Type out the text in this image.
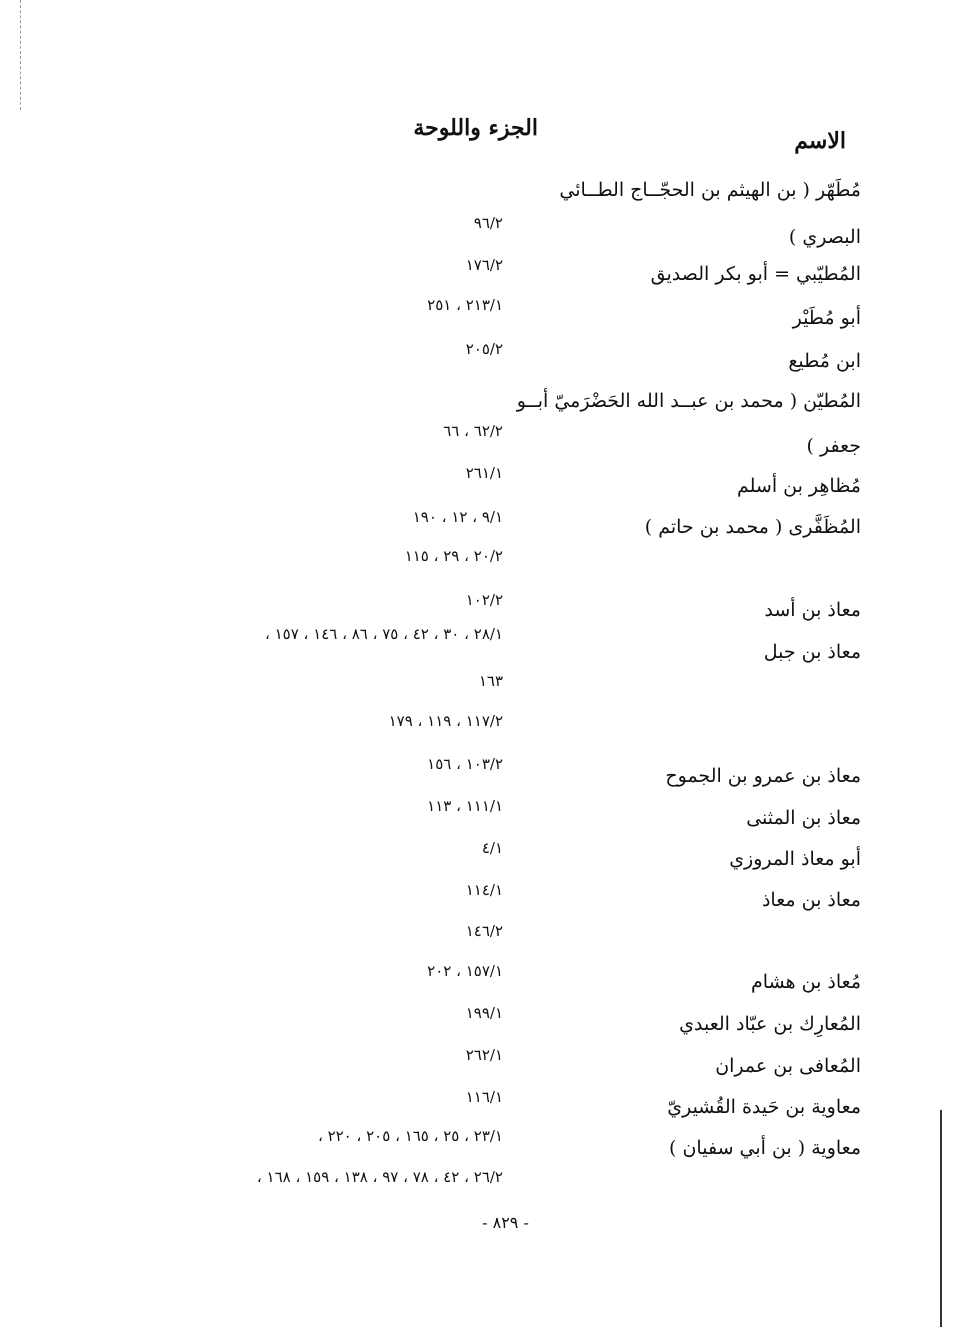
الاسم
الجزء واللوحة
مُطَهّر ( بن الهيثم بن الحجّــاج الطــائي
البصري )
المُطيّبي = أبو بكر الصديق
أبو مُطَيْر
ابن مُطيع
المُطيّن ( محمد بن عبــد الله الحَضْرَميّ أبــو
جعفر )
مُظاهِر بن أسلم
المُظَفَّرى ( محمد بن حاتم )
معاذ بن أسد
معاذ بن جبل
معاذ بن عمرو بن الجموح
معاذ بن المثنى
أبو معاذ المروزي
معاذ بن معاذ
مُعاذ بن هشام
المُعارِك بن عبّاد العبدي
المُعافى بن عمران
معاوية بن حَيدة القُشيريّ
معاوية ( بن أبي سفيان )
٩٦/٢
١٧٦/٢
٢١٣/١ ، ٢٥١
٢٠٥/٢
٦٢/٢ ، ٦٦
٢٦١/١
٩/١ ، ١٢ ، ١٩٠
٢٠/٢ ، ٢٩ ، ١١٥
١٠٢/٢
٢٨/١ ، ٣٠ ، ٤٢ ، ٧٥ ، ٨٦ ، ١٤٦ ، ١٥٧ ،
١٦٣
١١٧/٢ ، ١١٩ ، ١٧٩
١٠٣/٢ ، ١٥٦
١١١/١ ، ١١٣
٤/١
١١٤/١
١٤٦/٢
١٥٧/١ ، ٢٠٢
١٩٩/١
٢٦٢/١
١١٦/١
٢٣/١ ، ٢٥ ، ١٦٥ ، ٢٠٥ ، ٢٢٠ ،
٢٦/٢ ، ٤٢ ، ٧٨ ، ٩٧ ، ١٣٨ ، ١٥٩ ، ١٦٨ ،
- ٨٢٩ -
